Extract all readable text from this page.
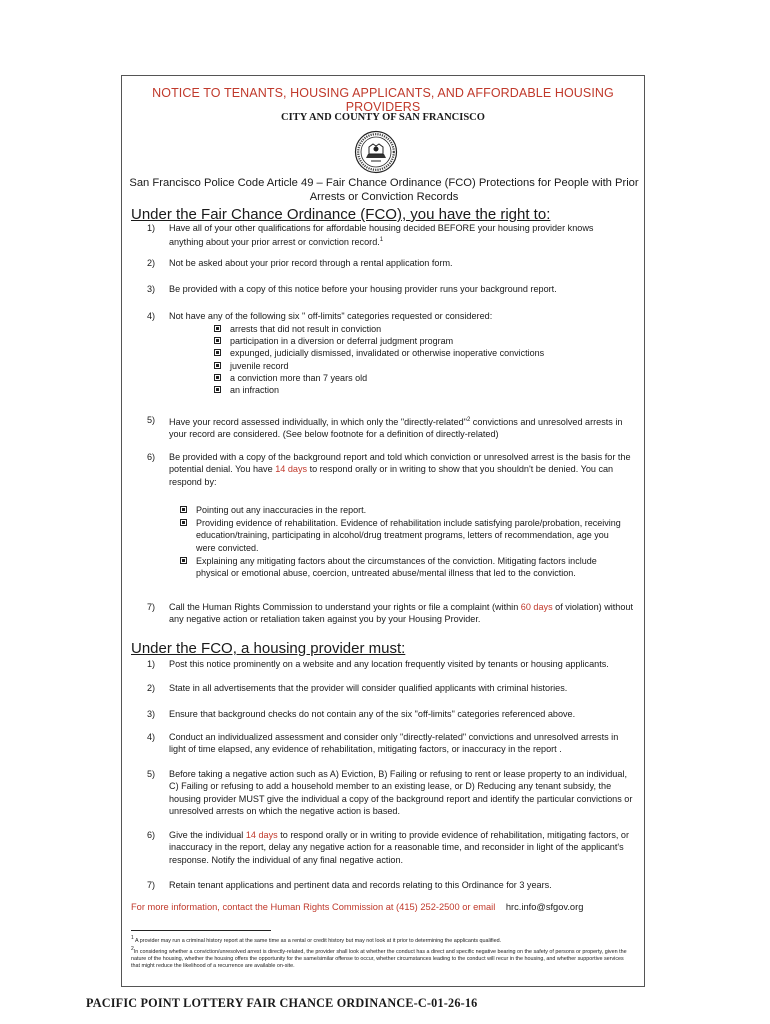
NOTICE TO TENANTS, HOUSING APPLICANTS, AND AFFORDABLE HOUSING PROVIDERS
CITY AND COUNTY OF SAN FRANCISCO
San Francisco Police Code Article 49 – Fair Chance Ordinance (FCO) Protections for People with Prior Arrests or Conviction Records
Under the Fair Chance Ordinance (FCO), you have the right to:
1) Have all of your other qualifications for affordable housing decided BEFORE your housing provider knows anything about your prior arrest or conviction record.$^1$
2) Not be asked about your prior record through a rental application form.
3) Be provided with a copy of this notice before your housing provider runs your background report.
4) Not have any of the following six " off-limits" categories requested or considered:
arrests that did not result in conviction
participation in a diversion or deferral judgment program
expunged, judicially dismissed, invalidated or otherwise inoperative convictions
juvenile record
a conviction more than 7 years old
an infraction
5) Have your record assessed individually, in which only the "directly-related"$^2$ convictions and unresolved arrests in your record are considered. (See below footnote for a definition of directly-related)
6) Be provided with a copy of the background report and told which conviction or unresolved arrest is the basis for the potential denial. You have 14 days to respond orally or in writing to show that you shouldn't be denied. You can respond by:
Pointing out any inaccuracies in the report.
Providing evidence of rehabilitation. Evidence of rehabilitation include satisfying parole/probation, receiving education/training, participating in alcohol/drug treatment programs, letters of recommendation, age you were convicted.
Explaining any mitigating factors about the circumstances of the conviction. Mitigating factors include physical or emotional abuse, coercion, untreated abuse/mental illness that led to the conviction.
7) Call the Human Rights Commission to understand your rights or file a complaint (within 60 days of violation) without any negative action or retaliation taken against you by your Housing Provider.
Under the FCO, a housing provider must:
1) Post this notice prominently on a website and any location frequently visited by tenants or housing applicants.
2) State in all advertisements that the provider will consider qualified applicants with criminal histories.
3) Ensure that background checks do not contain any of the six "off-limits" categories referenced above.
4) Conduct an individualized assessment and consider only "directly-related" convictions and unresolved arrests in light of time elapsed, any evidence of rehabilitation, mitigating factors, or inaccuracy in the report .
5) Before taking a negative action such as A) Eviction, B) Failing or refusing to rent or lease property to an individual, C) Failing or refusing to add a household member to an existing lease, or D) Reducing any tenant subsidy, the housing provider MUST give the individual a copy of the background report and identify the particular convictions or unresolved arrests on which the negative action is based.
6) Give the individual 14 days to respond orally or in writing to provide evidence of rehabilitation, mitigating factors, or inaccuracy in the report, delay any negative action for a reasonable time, and reconsider in light of the applicant's response. Notify the individual of any final negative action.
7) Retain tenant applications and pertinent data and records relating to this Ordinance for 3 years.
For more information, contact the Human Rights Commission at (415) 252-2500 or email hrc.info@sfgov.org
$^1$ A provider may run a criminal history report at the same time as a rental or credit history but may not look at it prior to determining the applicants qualified.
$^2$In considering whether a conviction/unresolved arrest is directly-related, the provider shall look at whether the conduct has a direct and specific negative bearing on the safety of persons or property, given the nature of the housing, whether the housing offers the opportunity for the same/similar offense to occur, whether circumstances leading to the conduct will recur in the housing, and whether supportive services that might reduce the likelihood of a recurrence are available on-site.
PACIFIC POINT LOTTERY FAIR CHANCE ORDINANCE-C-01-26-16
